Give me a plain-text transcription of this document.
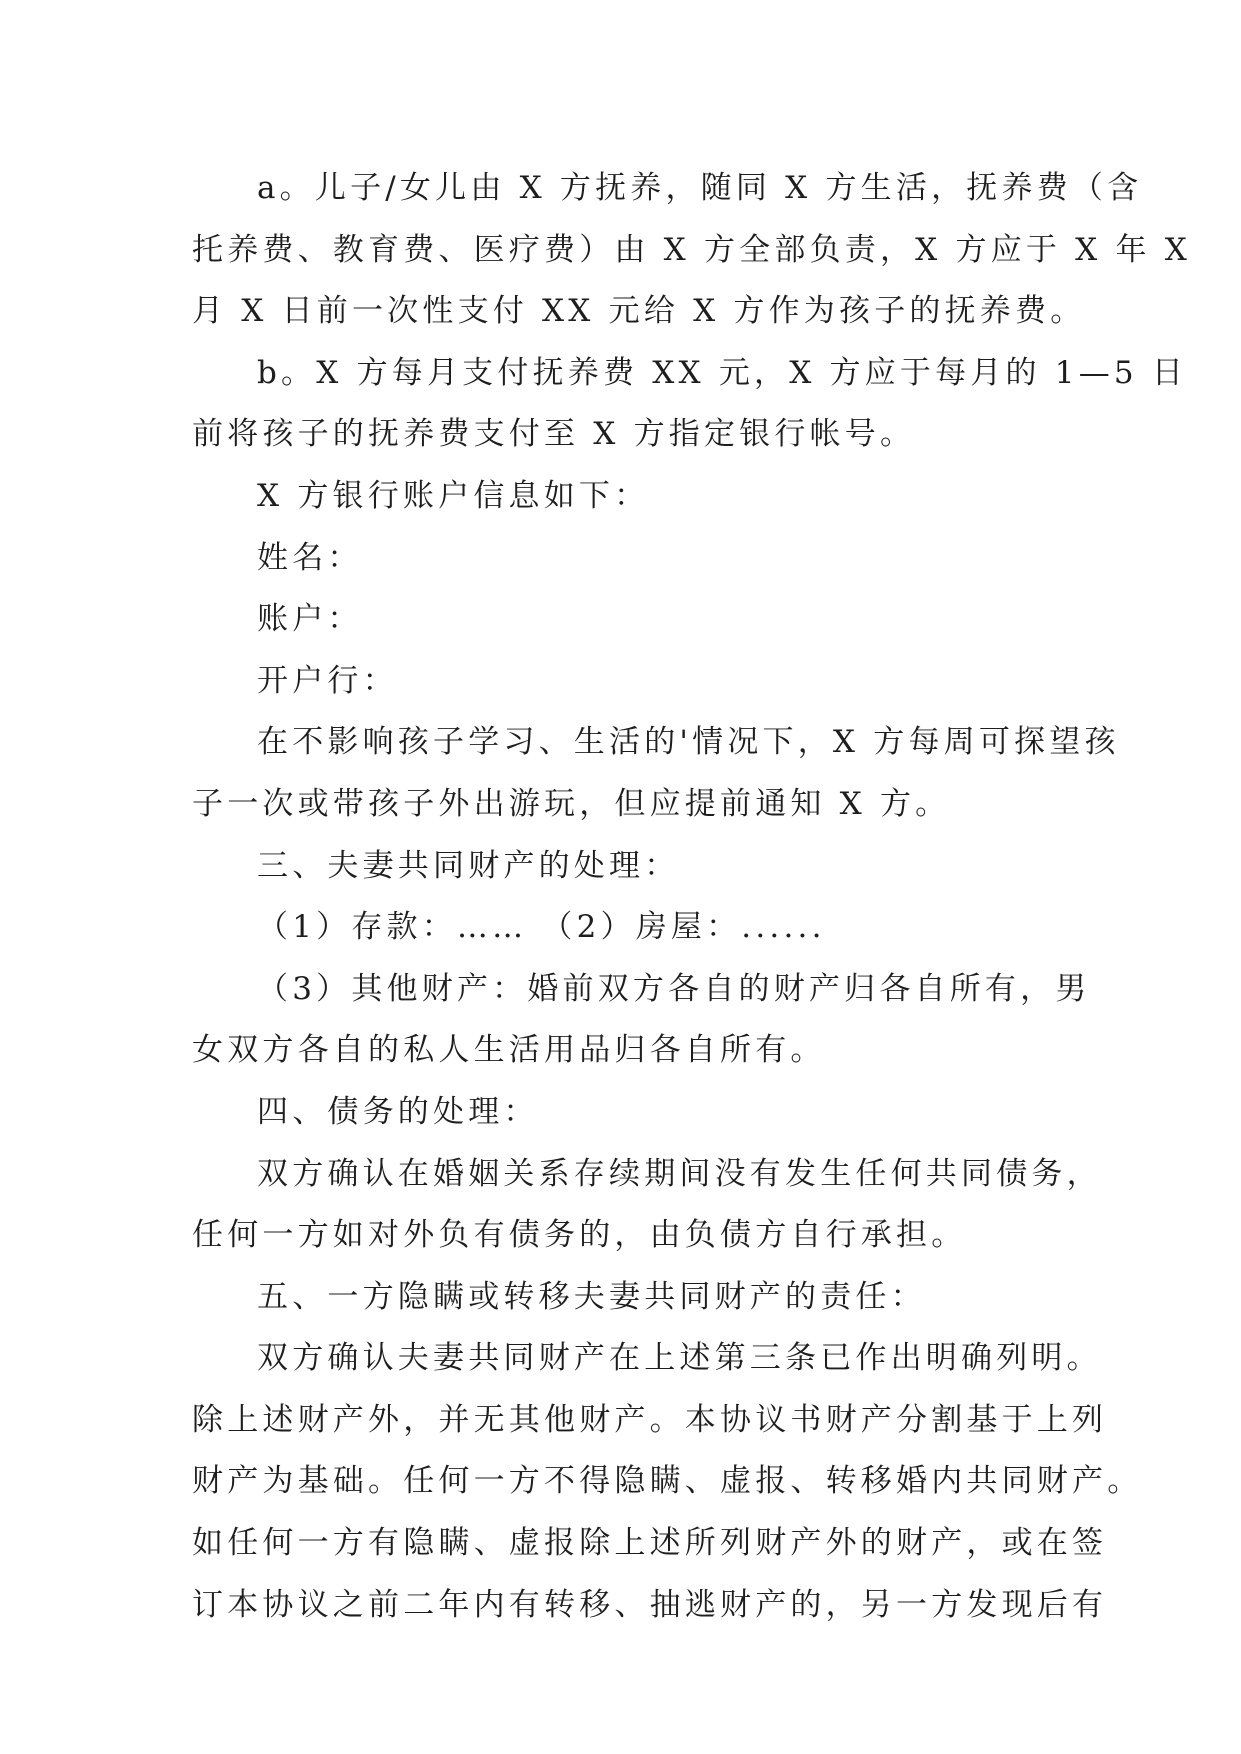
a。儿子/女儿由 X 方抚养，随同 X 方生活，抚养费（含
托养费、教育费、医疗费）由 X 方全部负责，X 方应于 X 年 X
月 X 日前一次性支付 XX 元给 X 方作为孩子的抚养费。
b。X 方每月支付抚养费 XX 元，X 方应于每月的 1—5 日
前将孩子的抚养费支付至 X 方指定银行帐号。
X 方银行账户信息如下：
姓名：
账户：
开户行：
在不影响孩子学习、生活的'情况下，X 方每周可探望孩
子一次或带孩子外出游玩，但应提前通知 X 方。
三、夫妻共同财产的处理：
（1）存款：…… （2）房屋：......
（3）其他财产：婚前双方各自的财产归各自所有，男
女双方各自的私人生活用品归各自所有。
四、债务的处理：
双方确认在婚姻关系存续期间没有发生任何共同债务，
任何一方如对外负有债务的，由负债方自行承担。
五、一方隐瞒或转移夫妻共同财产的责任：
双方确认夫妻共同财产在上述第三条已作出明确列明。
除上述财产外，并无其他财产。本协议书财产分割基于上列
财产为基础。任何一方不得隐瞒、虚报、转移婚内共同财产。
如任何一方有隐瞒、虚报除上述所列财产外的财产，或在签
订本协议之前二年内有转移、抽逃财产的，另一方发现后有
